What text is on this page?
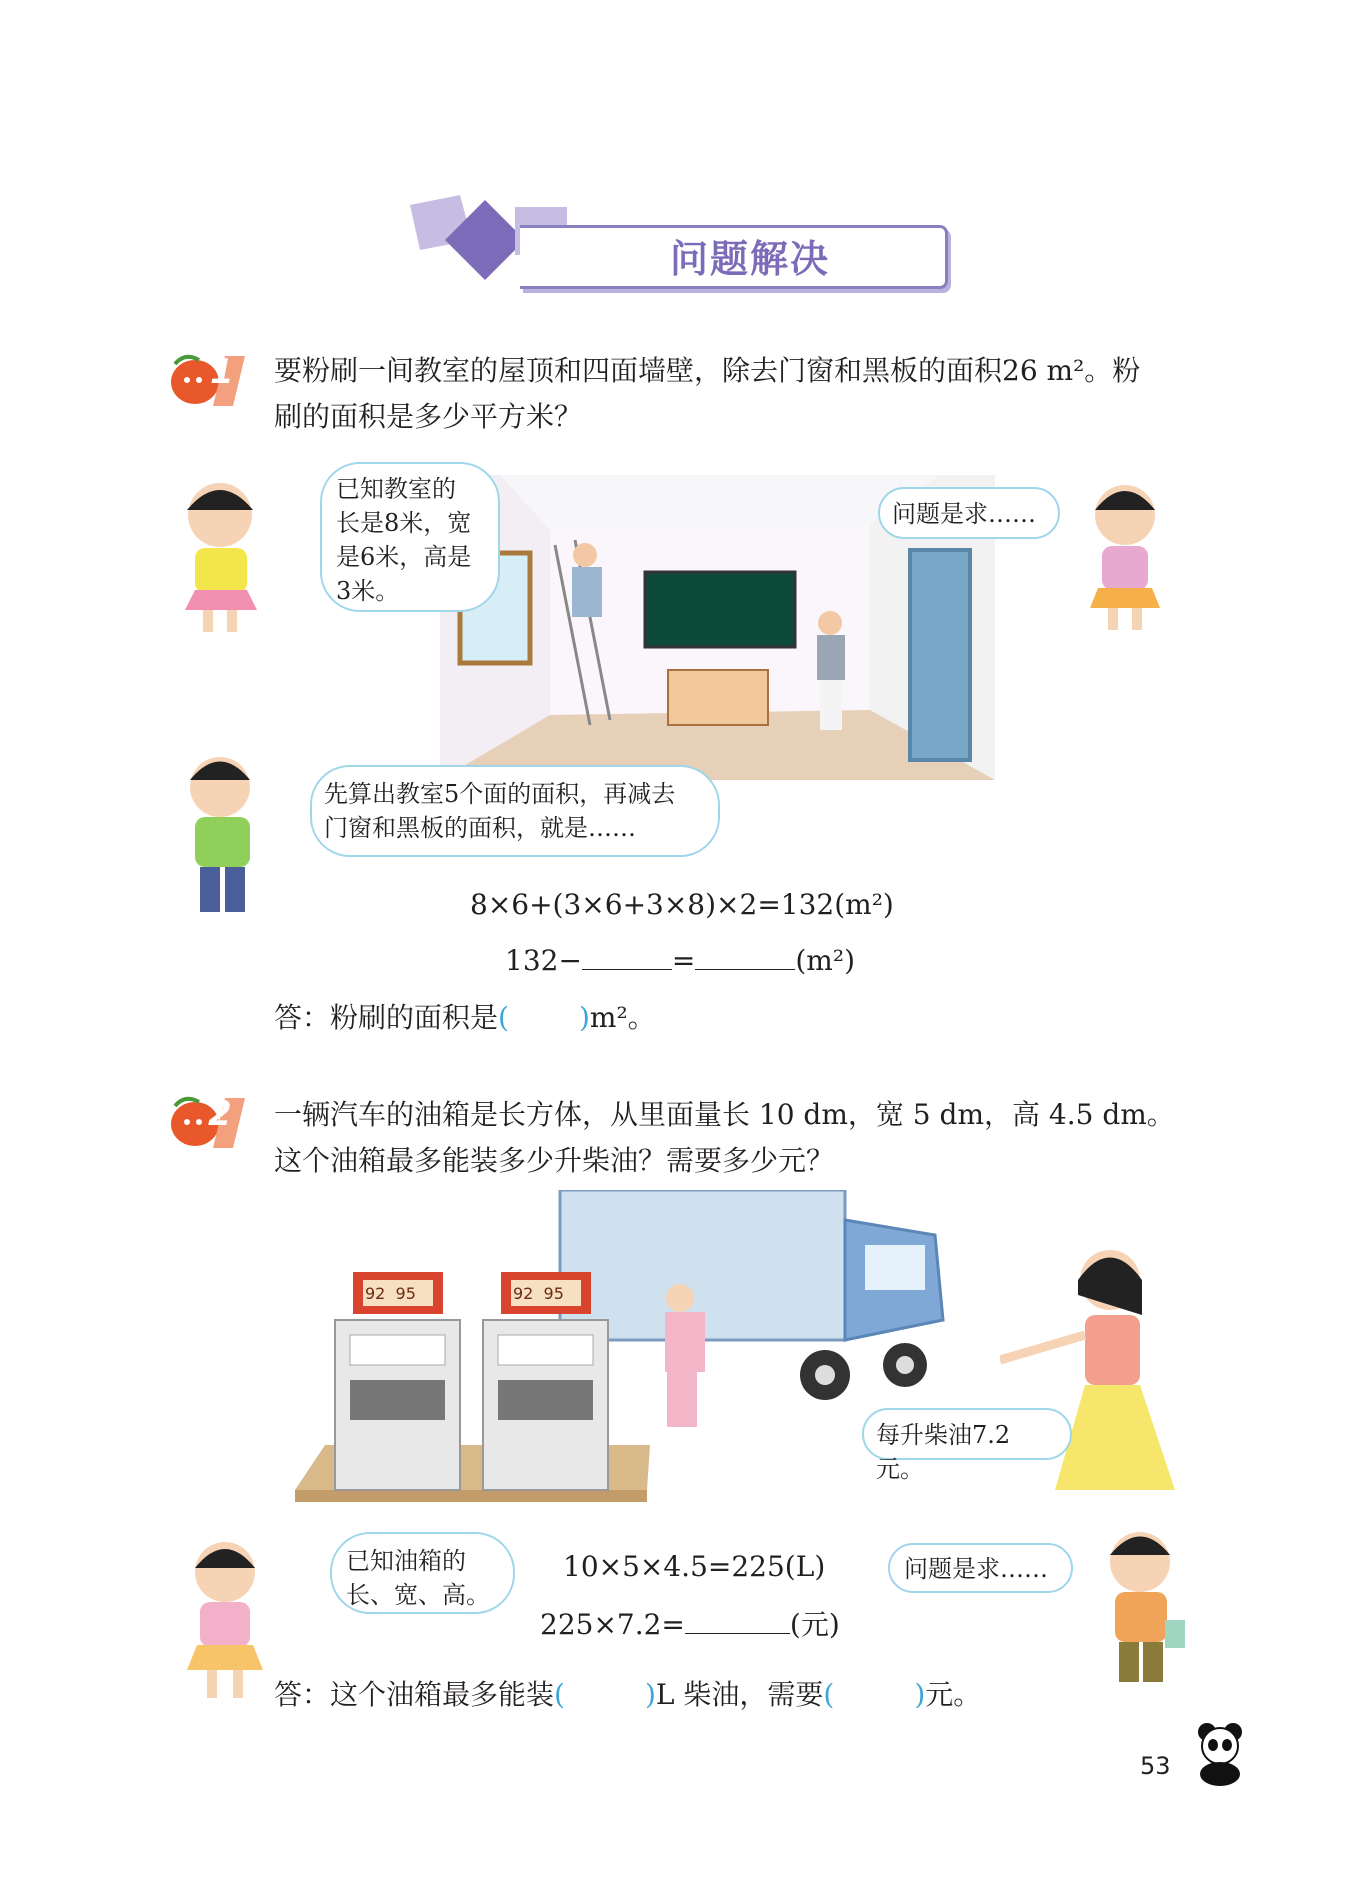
问题解决
1 要粉刷一间教室的屋顶和四面墙壁，除去门窗和黑板的面积26 m²。粉
刷的面积是多少平方米？
已知教室的
长是8米，宽
是6米，高是
3米。
问题是求……
先算出教室5个面的面积，再减去
门窗和黑板的面积，就是……
8×6+(3×6+3×8)×2=132(m²)
132−	=	(m²)
答：粉刷的面积是(	)m²。
2 一辆汽车的油箱是长方体，从里面量长 10 dm，宽 5 dm，高 4.5 dm。
这个油箱最多能装多少升柴油？需要多少元？
92 95	92 95
每升柴油7.2元。
已知油箱的
长、宽、高。
10×5×4.5=225(L)
225×7.2=	(元)
问题是求……
答：这个油箱最多能装(	)L 柴油，需要(	)元。
53
